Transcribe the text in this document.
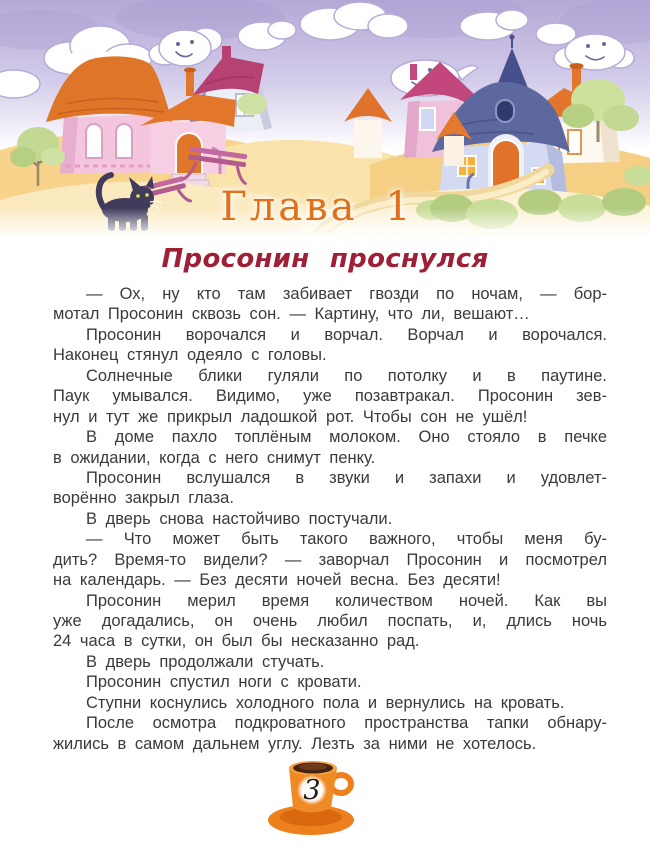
Глава 1
Просонин проснулся
— Ох, ну кто там забивает гвозди по ночам, — бор-
мотал Просонин сквозь сон. — Картину, что ли, вешают…
Просонин ворочался и ворчал. Ворчал и ворочался.
Наконец стянул одеяло с головы.
Солнечные блики гуляли по потолку и в паутине.
Паук умывался. Видимо, уже позавтракал. Просонин зев-
нул и тут же прикрыл ладошкой рот. Чтобы сон не ушёл!
В доме пахло топлёным молоком. Оно стояло в печке
в ожидании, когда с него снимут пенку.
Просонин вслушался в звуки и запахи и удовлет-
ворённо закрыл глаза.
В дверь снова настойчиво постучали.
— Что может быть такого важного, чтобы меня бу-
дить? Время-то видели? — заворчал Просонин и посмотрел
на календарь. — Без десяти ночей весна. Без десяти!
Просонин мерил время количеством ночей. Как вы
уже догадались, он очень любил поспать, и, длись ночь
24 часа в сутки, он был бы несказанно рад.
В дверь продолжали стучать.
Просонин спустил ноги с кровати.
Ступни коснулись холодного пола и вернулись на кровать.
После осмотра подкроватного пространства тапки обнару-
жились в самом дальнем углу. Лезть за ними не хотелось.
3
